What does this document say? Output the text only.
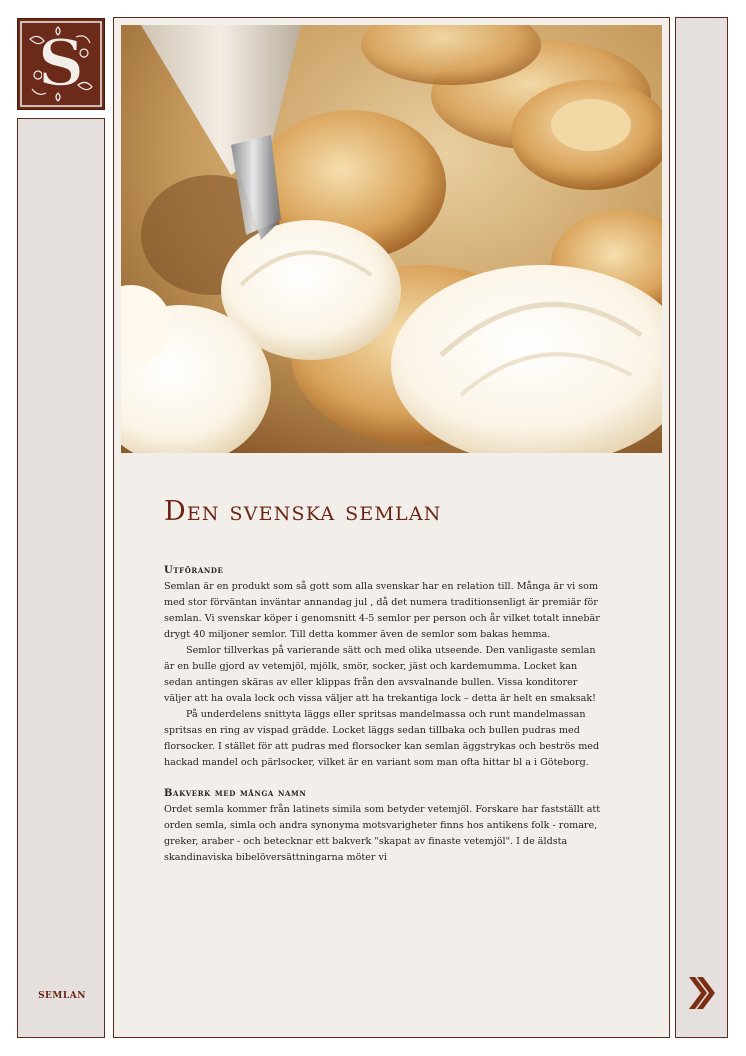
S
SEMLAN
Den svenska semlan
Utförande

Semlan är en produkt som så gott som alla svenskar har en relation till. Många är vi som med stor förväntan inväntar annandag jul , då det numera traditionsenligt är premiär för semlan. Vi svenskar köper i genomsnitt 4-5 semlor per person och år vilket totalt innebär drygt 40 miljoner semlor. Till detta kommer även de semlor som bakas hemma.

Semlor tillverkas på varierande sätt och med olika utseende. Den vanligaste semlan är en bulle gjord av vetemjöl, mjölk, smör, socker, jäst och kardemumma. Locket kan sedan antingen skäras av eller klippas från den avsvalnande bullen. Vissa konditorer väljer att ha ovala lock och vissa väljer att ha trekantiga lock – detta är helt en smaksak!

På underdelens snittyta läggs eller spritsas mandelmassa och runt mandelmassan spritsas en ring av vispad grädde. Locket läggs sedan tillbaka och bullen pudras med florsocker. I stället för att pudras med florsocker kan semlan äggstrykas och beströs med hackad mandel och pärlsocker, vilket är en variant som man ofta hittar bl a i Göteborg.

Bakverk med många namn

Ordet semla kommer från latinets simila som betyder vetemjöl. Forskare har fastställt att orden semla, simla och andra synonyma motsvarigheter finns hos antikens folk - romare, greker, araber - och betecknar ett bakverk "skapat av finaste vetemjöl". I de äldsta skandinaviska bibelöversättningarna möter vi
